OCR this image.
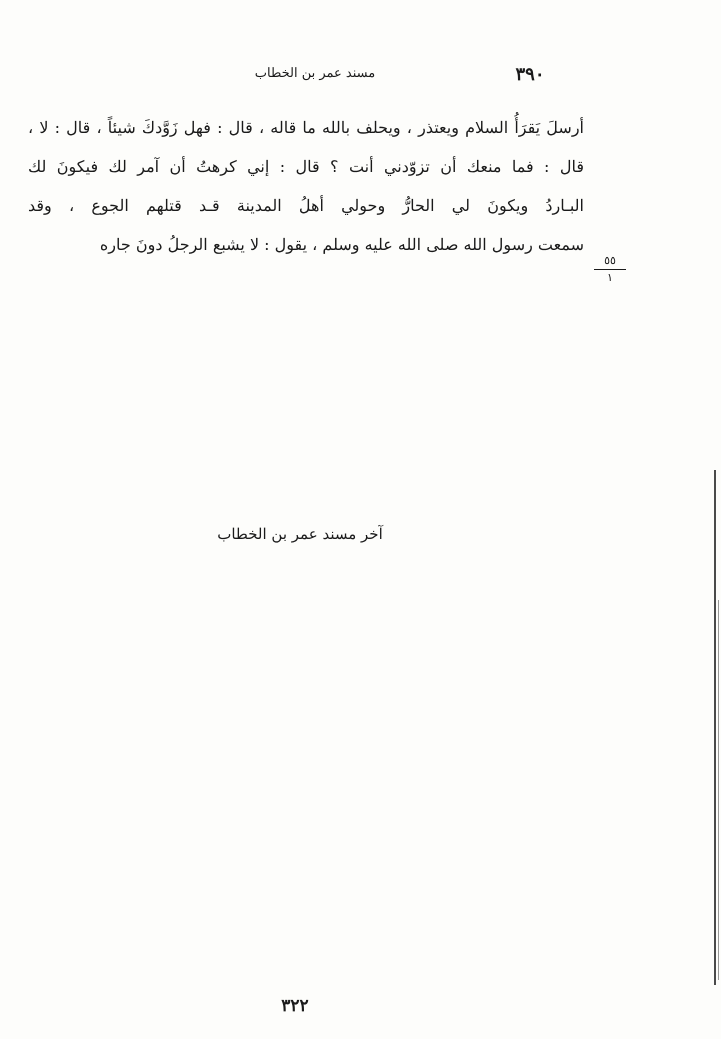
مسند عمر بن الخطاب	٣٩٠
أرسلَ يَقرَأُ السلام ويعتذر ، ويحلف بالله ما قاله ، قال : فهل زَوَّدكَ شيئاً ، قال : لا ،
قال : فما منعك أن تزوّدني أنت ؟ قال : إني كرهتُ أن آمر لك فيكونَ لك
البـاردُ ويكونَ لي الحارُّ وحولي أهلُ المدينة قـد قتلهم الجوع ، وقد
سمعت رسول الله صلى الله عليه وسلم ، يقول : لا يشبع الرجلُ دونَ جاره
٥٥
١
آخر مسند عمر بن الخطاب
٣٢٢
